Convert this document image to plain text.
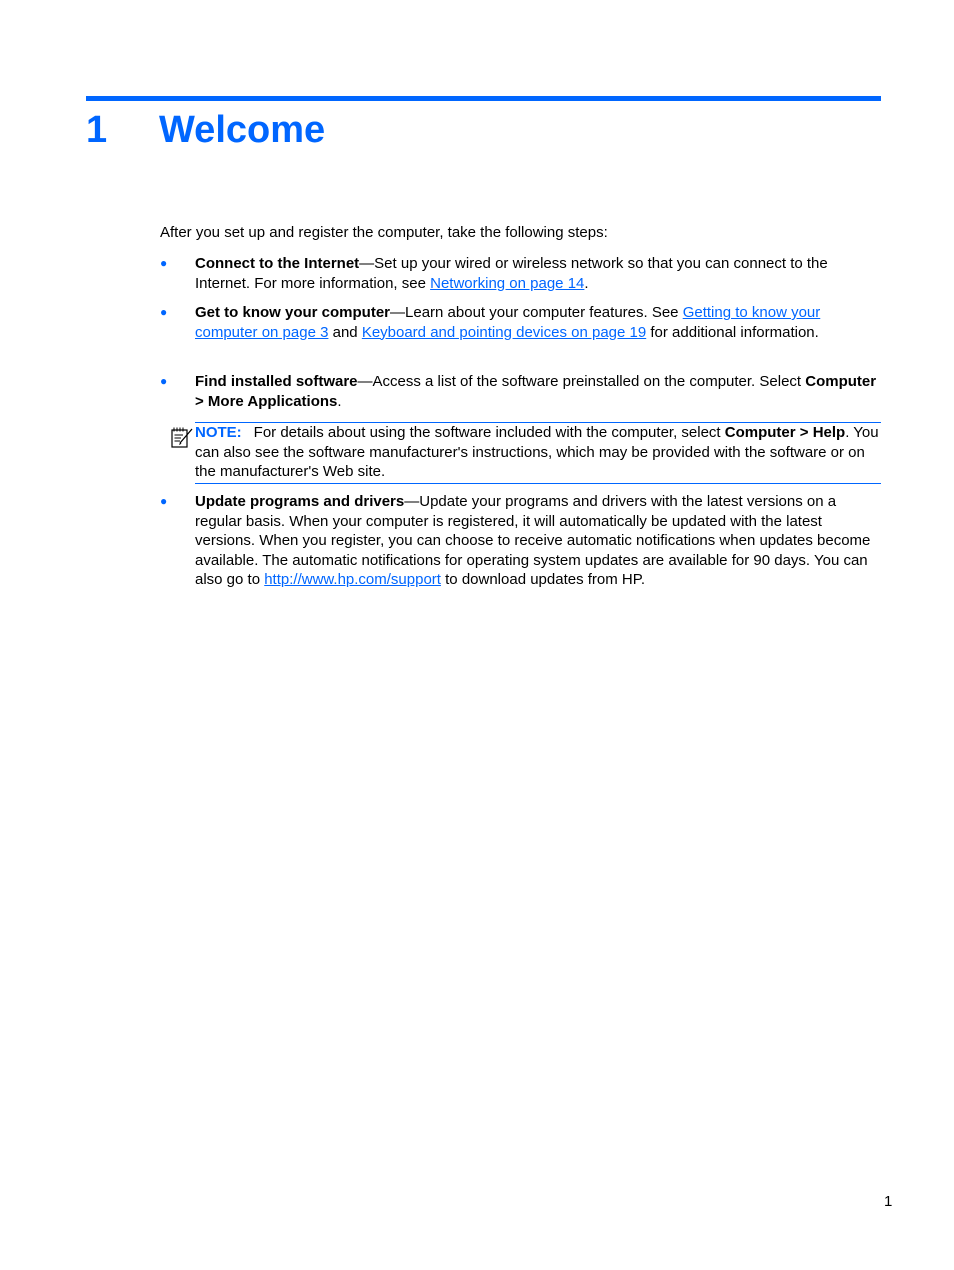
1 Welcome

After you set up and register the computer, take the following steps:

●	Connect to the Internet—Set up your wired or wireless network so that you can connect to the Internet. For more information, see Networking on page 14.
●	Get to know your computer—Learn about your computer features. See Getting to know your computer on page 3 and Keyboard and pointing devices on page 19 for additional information.
●	Find installed software—Access a list of the software preinstalled on the computer. Select Computer > More Applications.
NOTE: For details about using the software included with the computer, select Computer > Help. You can also see the software manufacturer's instructions, which may be provided with the software or on the manufacturer's Web site.
●	Update programs and drivers—Update your programs and drivers with the latest versions on a regular basis. When your computer is registered, it will automatically be updated with the latest versions. When you register, you can choose to receive automatic notifications when updates become available. The automatic notifications for operating system updates are available for 90 days. You can also go to http://www.hp.com/support to download updates from HP.
1
